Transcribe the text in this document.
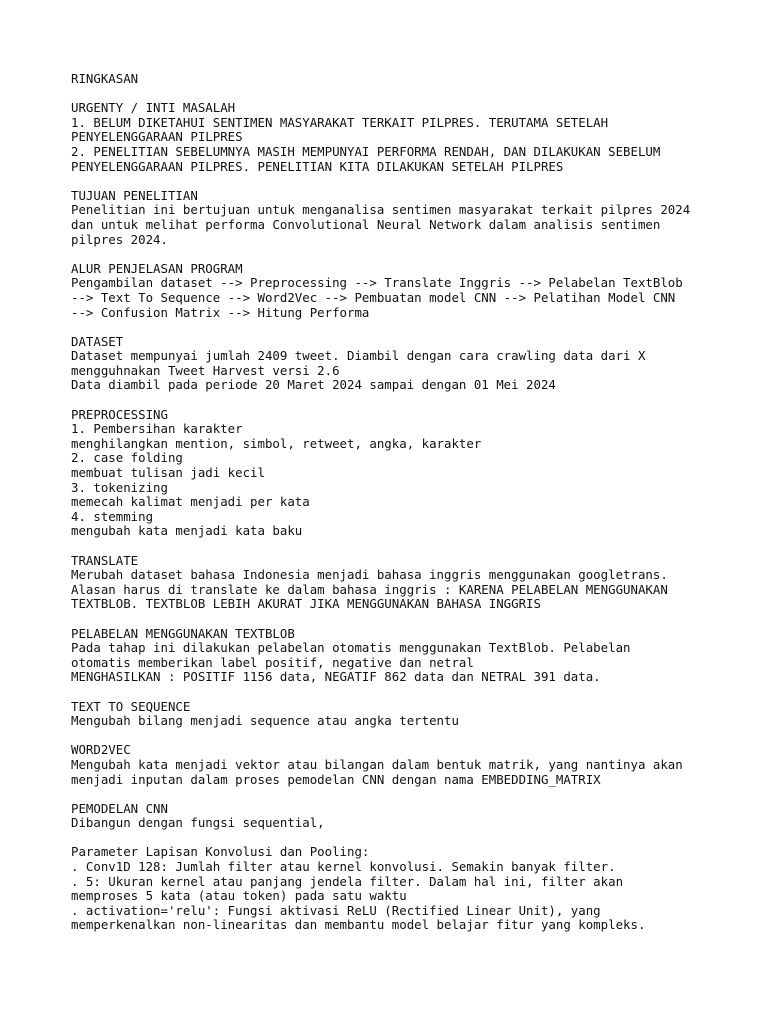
RINGKASAN
URGENTY / INTI MASALAH
1. BELUM DIKETAHUI SENTIMEN MASYARAKAT TERKAIT PILPRES. TERUTAMA SETELAH
PENYELENGGARAAN PILPRES
2. PENELITIAN SEBELUMNYA MASIH MEMPUNYAI PERFORMA RENDAH, DAN DILAKUKAN SEBELUM
PENYELENGGARAAN PILPRES. PENELITIAN KITA DILAKUKAN SETELAH PILPRES
TUJUAN PENELITIAN
Penelitian ini bertujuan untuk menganalisa sentimen masyarakat terkait pilpres 2024
dan untuk melihat performa Convolutional Neural Network dalam analisis sentimen
pilpres 2024.
ALUR PENJELASAN PROGRAM
Pengambilan dataset --> Preprocessing --> Translate Inggris --> Pelabelan TextBlob
--> Text To Sequence --> Word2Vec --> Pembuatan model CNN --> Pelatihan Model CNN
--> Confusion Matrix --> Hitung Performa
DATASET
Dataset mempunyai jumlah 2409 tweet. Diambil dengan cara crawling data dari X
mengguhnakan Tweet Harvest versi 2.6
Data diambil pada periode 20 Maret 2024 sampai dengan 01 Mei 2024
PREPROCESSING
1. Pembersihan karakter
menghilangkan mention, simbol, retweet, angka, karakter
2. case folding
membuat tulisan jadi kecil
3. tokenizing
memecah kalimat menjadi per kata
4. stemming
mengubah kata menjadi kata baku
TRANSLATE
Merubah dataset bahasa Indonesia menjadi bahasa inggris menggunakan googletrans.
Alasan harus di translate ke dalam bahasa inggris : KARENA PELABELAN MENGGUNAKAN
TEXTBLOB. TEXTBLOB LEBIH AKURAT JIKA MENGGUNAKAN BAHASA INGGRIS
PELABELAN MENGGUNAKAN TEXTBLOB
Pada tahap ini dilakukan pelabelan otomatis menggunakan TextBlob. Pelabelan
otomatis memberikan label positif, negative dan netral
MENGHASILKAN : POSITIF 1156 data, NEGATIF 862 data dan NETRAL 391 data.
TEXT TO SEQUENCE
Mengubah bilang menjadi sequence atau angka tertentu
WORD2VEC
Mengubah kata menjadi vektor atau bilangan dalam bentuk matrik, yang nantinya akan
menjadi inputan dalam proses pemodelan CNN dengan nama EMBEDDING_MATRIX
PEMODELAN CNN
Dibangun dengan fungsi sequential,
Parameter Lapisan Konvolusi dan Pooling:
. Conv1D 128: Jumlah filter atau kernel konvolusi. Semakin banyak filter.
. 5: Ukuran kernel atau panjang jendela filter. Dalam hal ini, filter akan
memproses 5 kata (atau token) pada satu waktu
. activation='relu': Fungsi aktivasi ReLU (Rectified Linear Unit), yang
memperkenalkan non-linearitas dan membantu model belajar fitur yang kompleks.
